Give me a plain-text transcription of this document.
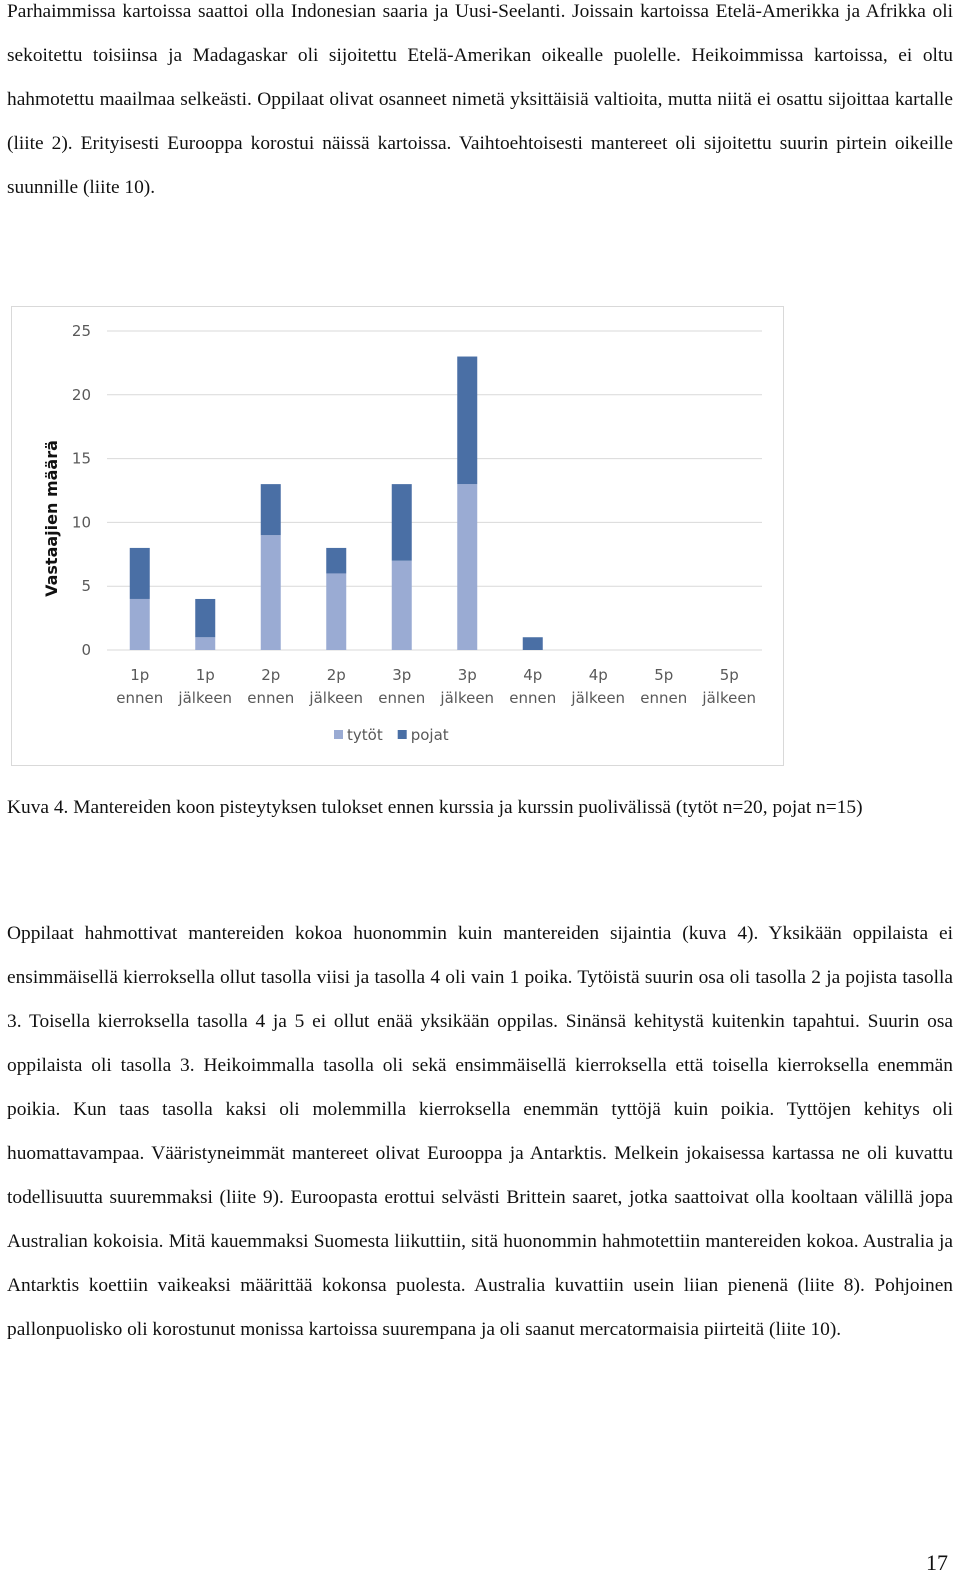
Parhaimmissa kartoissa saattoi olla Indonesian saaria ja Uusi-Seelanti. Joissain kartoissa Etelä-Amerikka ja Afrikka oli sekoitettu toisiinsa ja Madagaskar oli sijoitettu Etelä-Amerikan oikealle puolelle. Heikoimmissa kartoissa, ei oltu hahmotettu maailmaa selkeästi. Oppilaat olivat osanneet nimetä yksittäisiä valtioita, mutta niitä ei osattu sijoittaa kartalle (liite 2). Erityisesti Eurooppa korostui näissä kartoissa. Vaihtoehtoisesti mantereet oli sijoitettu suurin pirtein oikeille suunnille (liite 10).

0
5
10
15
20
25
Vastaajien määrä
1p
ennen
1p
jälkeen
2p
ennen
2p
jälkeen
3p
ennen
3p
jälkeen
4p
ennen
4p
jälkeen
5p
ennen
5p
jälkeen
tytöt pojat

Kuva 4. Mantereiden koon pisteytyksen tulokset ennen kurssia ja kurssin puolivälissä (tytöt n=20, pojat n=15)

Oppilaat hahmottivat mantereiden kokoa huonommin kuin mantereiden sijaintia (kuva 4). Yksikään oppilaista ei ensimmäisellä kierroksella ollut tasolla viisi ja tasolla 4 oli vain 1 poika. Tytöistä suurin osa oli tasolla 2 ja pojista tasolla 3. Toisella kierroksella tasolla 4 ja 5 ei ollut enää yksikään oppilas. Sinänsä kehitystä kuitenkin tapahtui. Suurin osa oppilaista oli tasolla 3. Heikoimmalla tasolla oli sekä ensimmäisellä kierroksella että toisella kierroksella enemmän poikia. Kun taas tasolla kaksi oli molemmilla kierroksella enemmän tyttöjä kuin poikia. Tyttöjen kehitys oli huomattavampaa. Vääristyneimmät mantereet olivat Eurooppa ja Antarktis. Melkein jokaisessa kartassa ne oli kuvattu todellisuutta suuremmaksi (liite 9). Euroopasta erottui selvästi Brittein saaret, jotka saattoivat olla kooltaan välillä jopa Australian kokoisia. Mitä kauemmaksi Suomesta liikuttiin, sitä huonommin hahmotettiin mantereiden kokoa. Australia ja Antarktis koettiin vaikeaksi määrittää kokonsa puolesta. Australia kuvattiin usein liian pienenä (liite 8). Pohjoinen pallonpuolisko oli korostunut monissa kartoissa suurempana ja oli saanut mercatormaisia piirteitä (liite 10).

17
